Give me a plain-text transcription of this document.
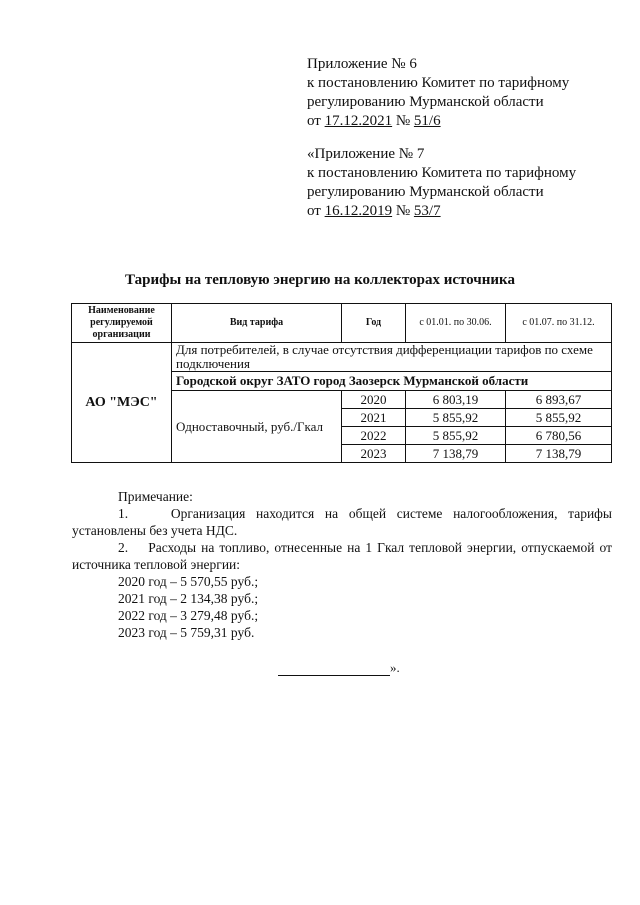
Приложение № 6
к постановлению Комитет по тарифному
регулированию Мурманской области
от 17.12.2021 № 51/6
«Приложение № 7
к постановлению Комитета по тарифному
регулированию Мурманской области
от 16.12.2019 № 53/7
Тарифы на тепловую энергию на коллекторах источника
Наименование регулируемой организации	Вид тарифа	Год	с 01.01. по 30.06.	с 01.07. по 31.12.
АО "МЭС"	Для потребителей, в случае отсутствия дифференциации тарифов по схеме подключения			
	Городской округ ЗАТО город Заозерск Мурманской области			
	Одноставочный, руб./Гкал	2020	6 803,19	6 893,67
		2021	5 855,92	5 855,92
		2022	5 855,92	6 780,56
		2023	7 138,79	7 138,79
Примечание:
1.    Организация находится на общей системе налогообложения, тарифы установлены без учета НДС.
2.    Расходы на топливо, отнесенные на 1 Гкал тепловой энергии, отпускаемой от источника тепловой энергии:
2020 год – 5 570,55 руб.;
2021 год – 2 134,38 руб.;
2022 год – 3 279,48 руб.;
2023 год – 5 759,31 руб.
».
